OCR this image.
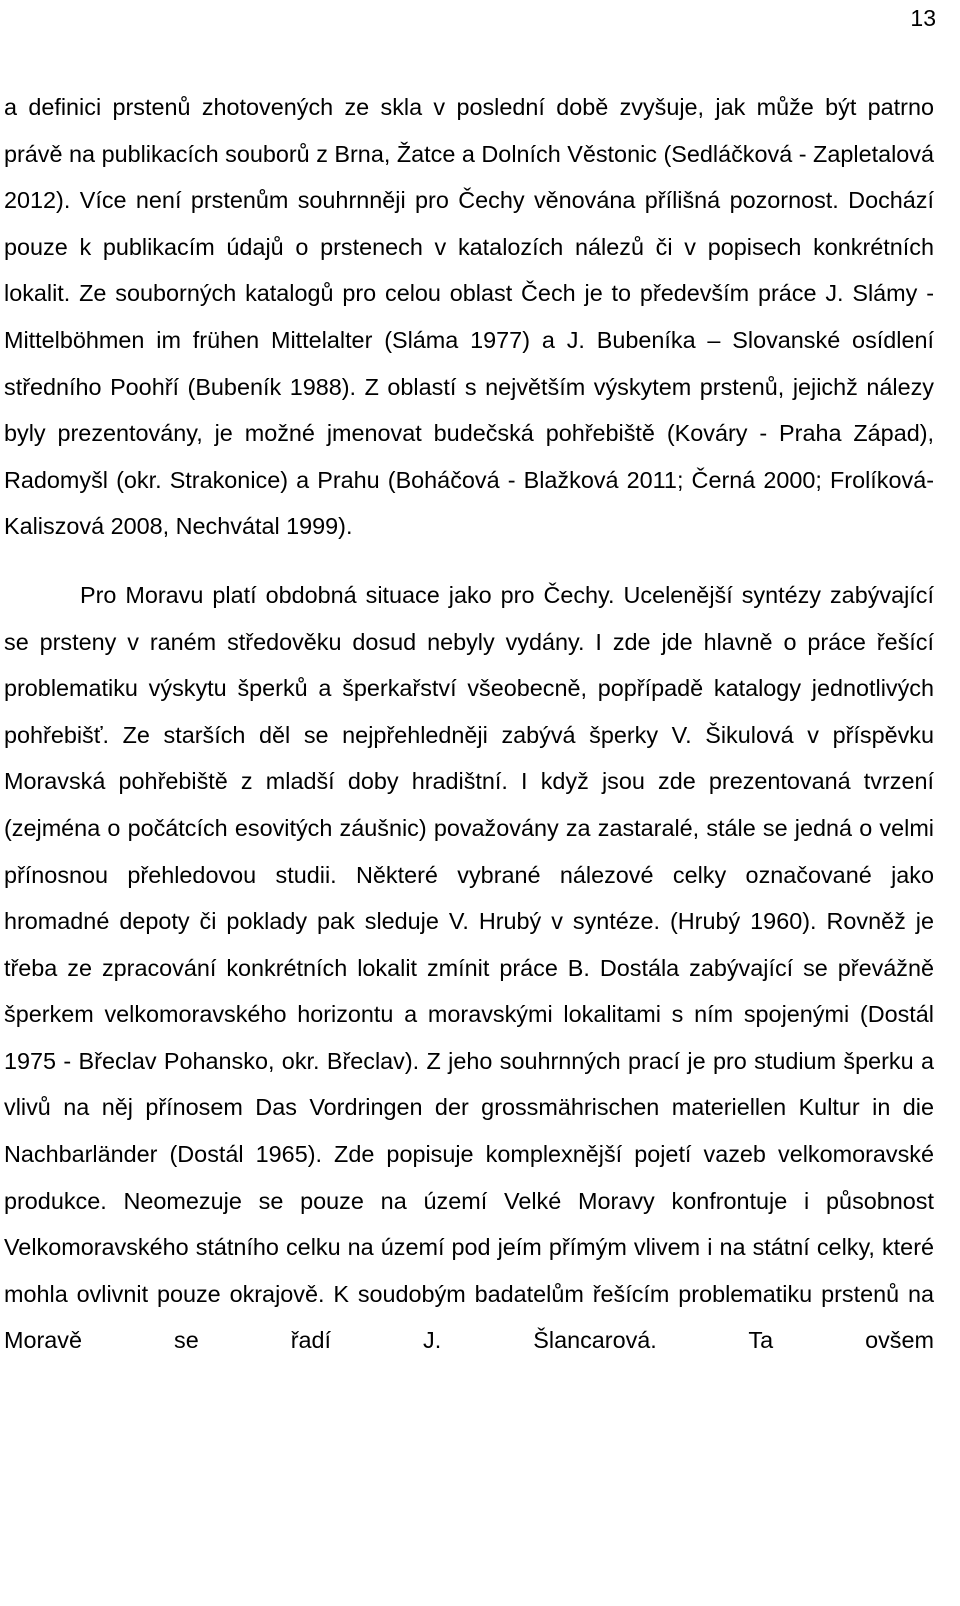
13

a definici prstenů zhotovených ze skla v poslední době zvyšuje, jak může být patrno právě na publikacích souborů z Brna, Žatce a Dolních Věstonic (Sedláčková - Zapletalová 2012). Více není prstenům souhrnněji pro Čechy věnována přílišná pozornost. Dochází pouze k publikacím údajů o prstenech v katalozích nálezů či v popisech konkrétních lokalit. Ze souborných katalogů pro celou oblast Čech je to především práce J. Slámy - Mittelböhmen im frühen Mittelalter (Sláma 1977) a J. Bubeníka – Slovanské osídlení středního Poohří (Bubeník 1988). Z oblastí s největším výskytem prstenů, jejichž nálezy byly prezentovány, je možné jmenovat budečská pohřebiště (Kováry - Praha Západ), Radomyšl (okr. Strakonice) a Prahu (Boháčová - Blažková 2011; Černá 2000; Frolíková-Kaliszová 2008, Nechvátal 1999).

Pro Moravu platí obdobná situace jako pro Čechy. Ucelenější syntézy zabývající se prsteny v raném středověku dosud nebyly vydány. I zde jde hlavně o práce řešící problematiku výskytu šperků a šperkařství všeobecně, popřípadě katalogy jednotlivých pohřebišť. Ze starších děl se nejpřehledněji zabývá šperky V. Šikulová v příspěvku Moravská pohřebiště z mladší doby hradištní. I když jsou zde prezentovaná tvrzení (zejména o počátcích esovitých záušnic) považovány za zastaralé, stále se jedná o velmi přínosnou přehledovou studii. Některé vybrané nálezové celky označované jako hromadné depoty či poklady pak sleduje V. Hrubý v syntéze. (Hrubý 1960). Rovněž je třeba ze zpracování konkrétních lokalit zmínit práce B. Dostála zabývající se převážně šperkem velkomoravského horizontu a moravskými lokalitami s ním spojenými (Dostál 1975 - Břeclav Pohansko, okr. Břeclav). Z jeho souhrnných prací je pro studium šperku a vlivů na něj přínosem Das Vordringen der grossmährischen materiellen Kultur in die Nachbarländer (Dostál 1965). Zde popisuje komplexnější pojetí vazeb velkomoravské produkce. Neomezuje se pouze na území Velké Moravy konfrontuje i působnost Velkomoravského státního celku na území pod jeím přímým vlivem i na státní celky, které mohla ovlivnit pouze okrajově. K soudobým badatelům řešícím problematiku prstenů na Moravě se řadí J. Šlancarová. Ta ovšem
